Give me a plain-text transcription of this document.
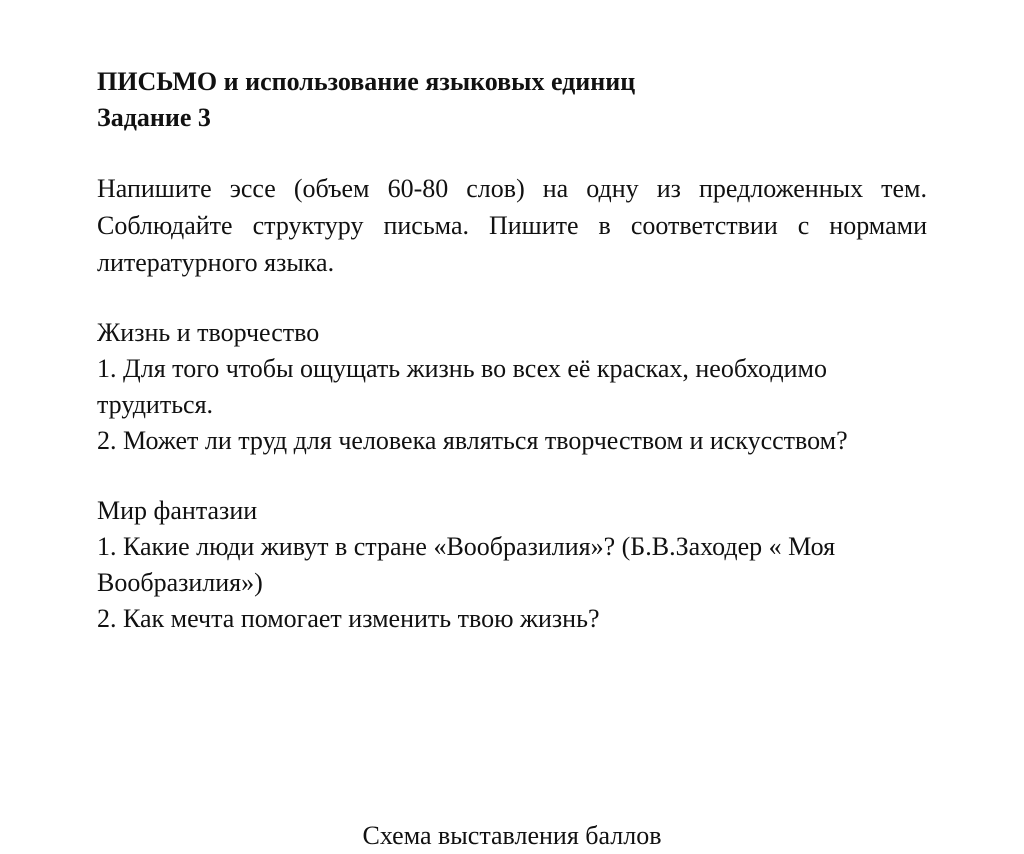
ПИСЬМО и использование языковых единиц

Задание 3

Напишите эссе (объем 60-80 слов) на одну из предложенных тем. Соблюдайте структуру письма. Пишите в соответствии с нормами литературного языка.

Жизнь и творчество

1. Для того чтобы ощущать жизнь во всех её красках, необходимо трудиться.

2. Может ли труд для человека являться творчеством и искусством?

Мир фантазии

1. Какие люди живут в стране «Вообразилия»? (Б.В.Заходер « Моя Вообразилия»)

2. Как мечта помогает изменить твою жизнь?

Схема выставления баллов
